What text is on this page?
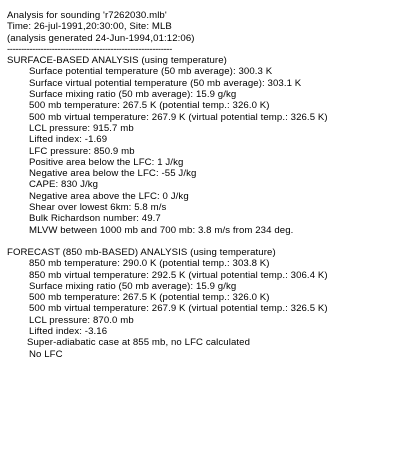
Analysis for sounding 'r7262030.mlb'
Time: 26-jul-1991,20:30:00, Site: MLB
(analysis generated 24-Jun-1994,01:12:06)
-----------------------------------------------------------
SURFACE-BASED ANALYSIS (using temperature)
Surface potential temperature (50 mb average): 300.3 K
Surface virtual potential temperature (50 mb average): 303.1 K
Surface mixing ratio (50 mb average): 15.9 g/kg
500 mb temperature: 267.5 K (potential temp.: 326.0 K)
500 mb virtual temperature: 267.9 K (virtual potential temp.: 326.5 K)
LCL pressure: 915.7 mb
Lifted index: -1.69
LFC pressure: 850.9 mb
Positive area below the LFC: 1 J/kg
Negative area below the LFC: -55 J/kg
CAPE: 830 J/kg
Negative area above the LFC: 0 J/kg
Shear over lowest 6km: 5.8 m/s
Bulk Richardson number: 49.7
MLVW between 1000 mb and 700 mb: 3.8 m/s from 234 deg.
FORECAST (850 mb-BASED) ANALYSIS (using temperature)
850 mb temperature: 290.0 K (potential temp.: 303.8 K)
850 mb virtual temperature: 292.5 K (virtual potential temp.: 306.4 K)
Surface mixing ratio (50 mb average): 15.9 g/kg
500 mb temperature: 267.5 K (potential temp.: 326.0 K)
500 mb virtual temperature: 267.9 K (virtual potential temp.: 326.5 K)
LCL pressure: 870.0 mb
Lifted index: -3.16
Super-adiabatic case at 855 mb, no LFC calculated
No LFC
